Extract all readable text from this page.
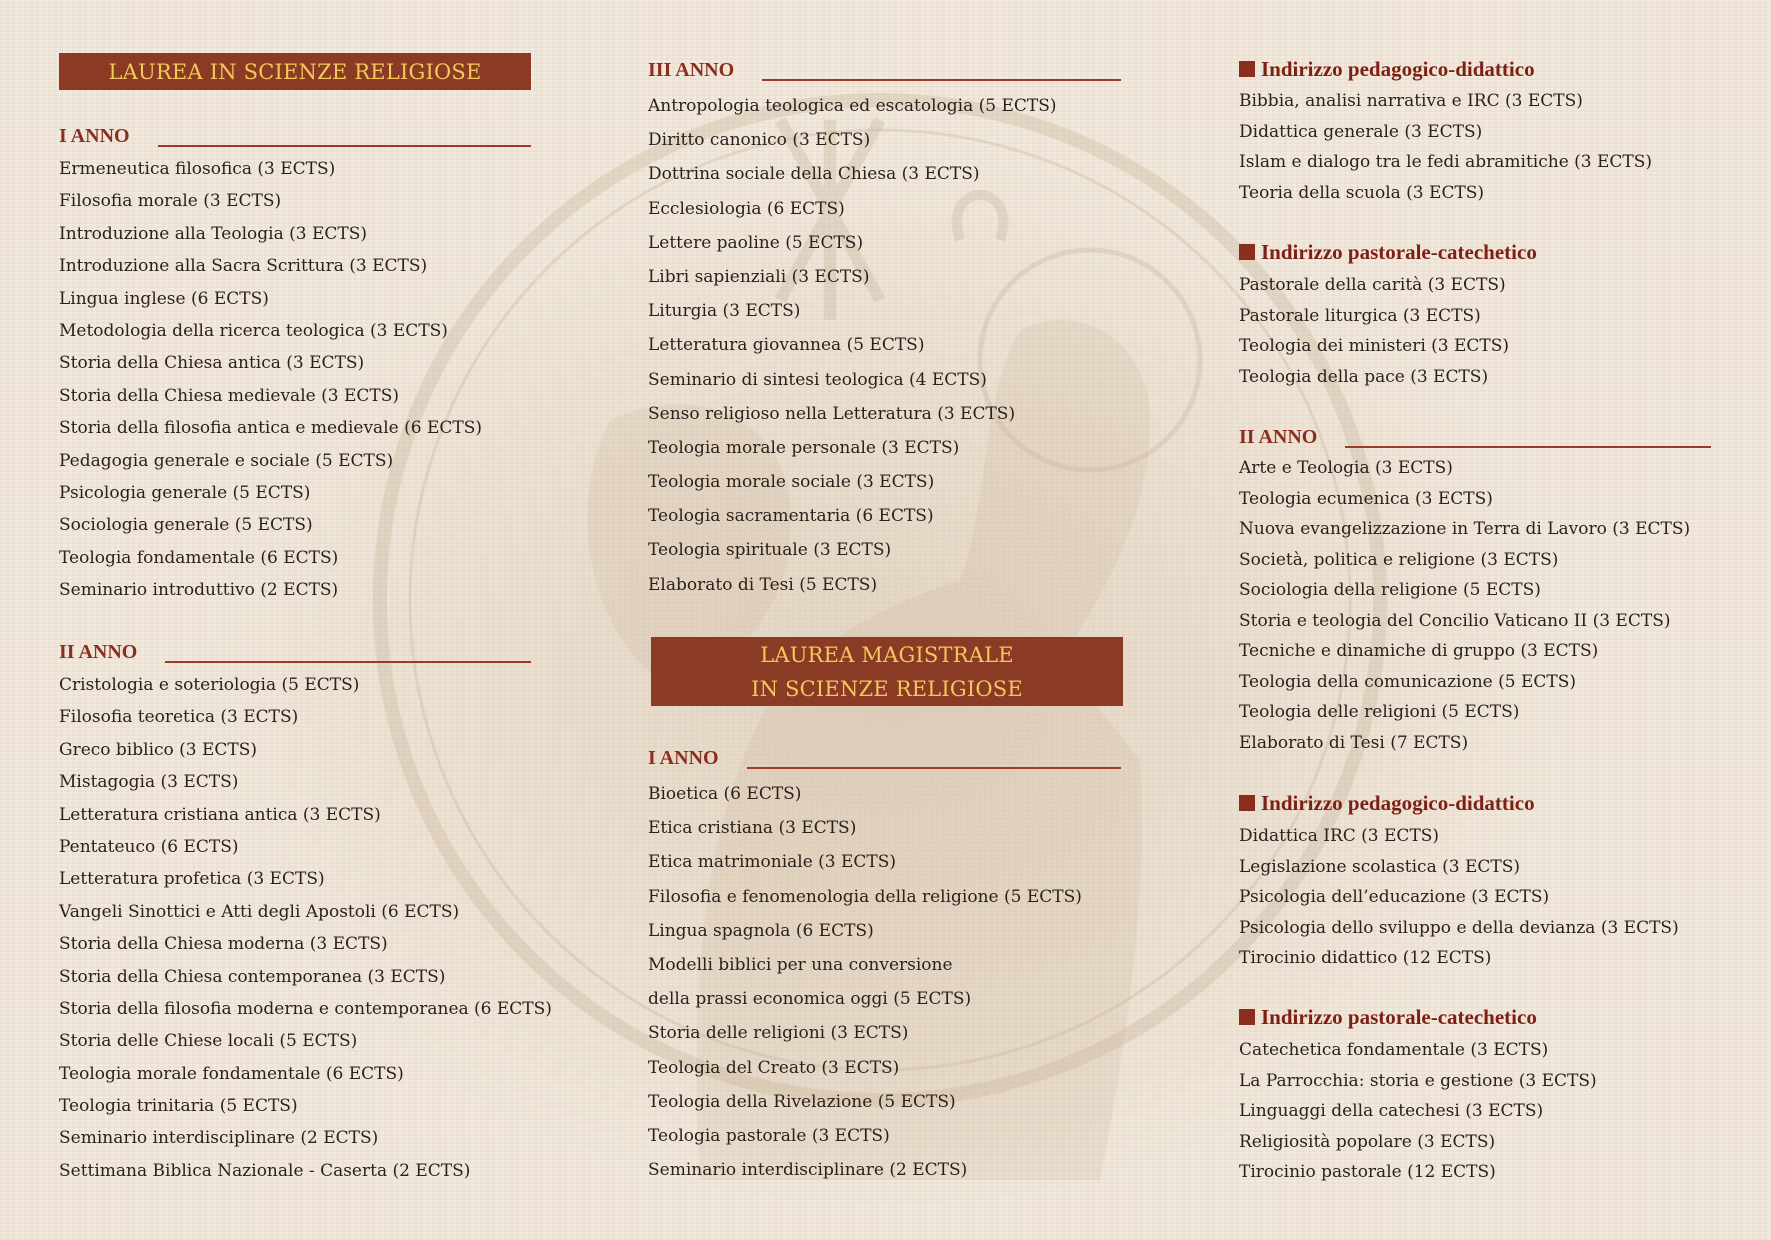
LAUREA IN SCIENZE RELIGIOSE
I ANNO
Ermeneutica filosofica (3 ECTS)
Filosofia morale (3 ECTS)
Introduzione alla Teologia (3 ECTS)
Introduzione alla Sacra Scrittura (3 ECTS)
Lingua inglese (6 ECTS)
Metodologia della ricerca teologica (3 ECTS)
Storia della Chiesa antica (3 ECTS)
Storia della Chiesa medievale (3 ECTS)
Storia della filosofia antica e medievale (6 ECTS)
Pedagogia generale e sociale (5 ECTS)
Psicologia generale (5 ECTS)
Sociologia generale (5 ECTS)
Teologia fondamentale (6 ECTS)
Seminario introduttivo (2 ECTS)
II ANNO
Cristologia e soteriologia (5 ECTS)
Filosofia teoretica (3 ECTS)
Greco biblico (3 ECTS)
Mistagogia (3 ECTS)
Letteratura cristiana antica (3 ECTS)
Pentateuco (6 ECTS)
Letteratura profetica (3 ECTS)
Vangeli Sinottici e Atti degli Apostoli (6 ECTS)
Storia della Chiesa moderna (3 ECTS)
Storia della Chiesa contemporanea (3 ECTS)
Storia della filosofia moderna e contemporanea (6 ECTS)
Storia delle Chiese locali (5 ECTS)
Teologia morale fondamentale (6 ECTS)
Teologia trinitaria (5 ECTS)
Seminario interdisciplinare (2 ECTS)
Settimana Biblica Nazionale - Caserta (2 ECTS)
III ANNO
Antropologia teologica ed escatologia (5 ECTS)
Diritto canonico (3 ECTS)
Dottrina sociale della Chiesa (3 ECTS)
Ecclesiologia (6 ECTS)
Lettere paoline (5 ECTS)
Libri sapienziali (3 ECTS)
Liturgia (3 ECTS)
Letteratura giovannea (5 ECTS)
Seminario di sintesi teologica (4 ECTS)
Senso religioso nella Letteratura (3 ECTS)
Teologia morale personale (3 ECTS)
Teologia morale sociale (3 ECTS)
Teologia sacramentaria (6 ECTS)
Teologia spirituale (3 ECTS)
Elaborato di Tesi (5 ECTS)
LAUREA MAGISTRALE
IN SCIENZE RELIGIOSE
I ANNO
Bioetica (6 ECTS)
Etica cristiana (3 ECTS)
Etica matrimoniale (3 ECTS)
Filosofia e fenomenologia della religione (5 ECTS)
Lingua spagnola (6 ECTS)
Modelli biblici per una conversione
della prassi economica oggi (5 ECTS)
Storia delle religioni (3 ECTS)
Teologia del Creato (3 ECTS)
Teologia della Rivelazione (5 ECTS)
Teologia pastorale (3 ECTS)
Seminario interdisciplinare (2 ECTS)
Indirizzo pedagogico-didattico
Bibbia, analisi narrativa e IRC (3 ECTS)
Didattica generale (3 ECTS)
Islam e dialogo tra le fedi abramitiche (3 ECTS)
Teoria della scuola (3 ECTS)
Indirizzo pastorale-catechetico
Pastorale della carità (3 ECTS)
Pastorale liturgica (3 ECTS)
Teologia dei ministeri (3 ECTS)
Teologia della pace (3 ECTS)
II ANNO
Arte e Teologia (3 ECTS)
Teologia ecumenica (3 ECTS)
Nuova evangelizzazione in Terra di Lavoro (3 ECTS)
Società, politica e religione (3 ECTS)
Sociologia della religione (5 ECTS)
Storia e teologia del Concilio Vaticano II (3 ECTS)
Tecniche e dinamiche di gruppo (3 ECTS)
Teologia della comunicazione (5 ECTS)
Teologia delle religioni (5 ECTS)
Elaborato di Tesi (7 ECTS)
Indirizzo pedagogico-didattico
Didattica IRC (3 ECTS)
Legislazione scolastica (3 ECTS)
Psicologia dell’educazione (3 ECTS)
Psicologia dello sviluppo e della devianza (3 ECTS)
Tirocinio didattico (12 ECTS)
Indirizzo pastorale-catechetico
Catechetica fondamentale (3 ECTS)
La Parrocchia: storia e gestione (3 ECTS)
Linguaggi della catechesi (3 ECTS)
Religiosità popolare (3 ECTS)
Tirocinio pastorale (12 ECTS)
